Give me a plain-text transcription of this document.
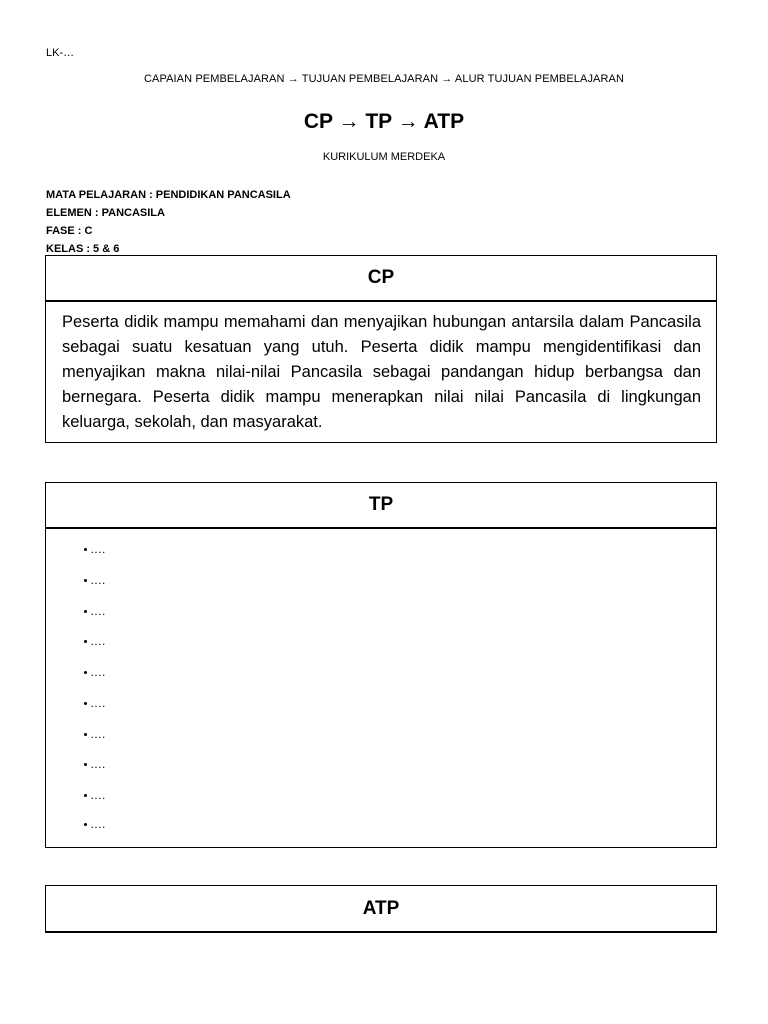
LK-…
CAPAIAN PEMBELAJARAN → TUJUAN PEMBELAJARAN → ALUR TUJUAN PEMBELAJARAN
CP → TP → ATP
KURIKULUM MERDEKA
MATA PELAJARAN : PENDIDIKAN PANCASILA
ELEMEN : PANCASILA
FASE : C
KELAS : 5 & 6
CP

Peserta didik mampu memahami dan menyajikan hubungan antarsila dalam Pancasila sebagai suatu kesatuan yang utuh. Peserta didik mampu mengidentifikasi dan menyajikan makna nilai-nilai Pancasila sebagai pandangan hidup berbangsa dan bernegara. Peserta didik mampu menerapkan nilai nilai Pancasila di lingkungan keluarga, sekolah, dan masyarakat.

TP
….
….
….
….
….
….
….
….
….
….
ATP
